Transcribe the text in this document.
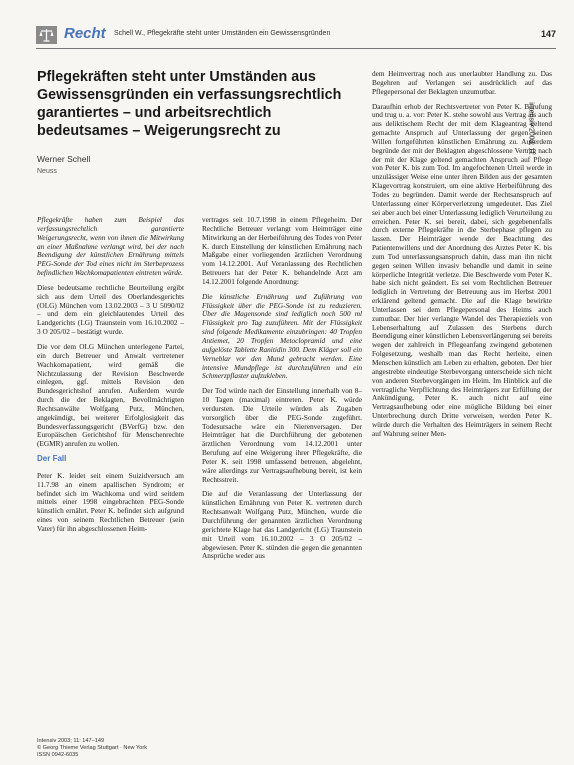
Recht Schell W., Pflegekräfte steht unter Umständen ein Gewissensgründen	147
intensiv 2003; 11
Pflegekräften steht unter Umständen aus Gewissensgründen ein verfassungsrechtlich garantiertes – und arbeitsrechtlich bedeutsames – Weigerungsrecht zu
Werner Schell
Neuss

Pflegekräfte haben zum Beispiel das verfassungsrechtlich garantierte Weigerungsrecht, wenn von ihnen die Mitwirkung an einer Maßnahme verlangt wird, bei der nach Beendigung der künstlichen Ernährung mittels PEG-Sonde der Tod eines nicht im Sterbeprozess befindlichen Wachkomapatienten eintreten würde.

Diese bedeutsame rechtliche Beurteilung ergibt sich aus dem Urteil des Oberlandesgerichts (OLG) München vom 13.02.2003 – 3 U 5090/02 – und dem ein gleichlautendes Urteil des Landgerichts (LG) Traunstein vom 16.10.2002 – 3 O 205/02 – bestätigt wurde.

Die vor dem OLG München unterlegene Partei, ein durch Betreuer und Anwalt vertretener Wachkomapatient, wird gemäß die Nichtzulassung der Revision Beschwerde einlegen, ggf. mittels Revision den Bundesgerichtshof anrufen. Außerdem wurde durch die der Beklagten, Bevollmächtigten Rechtsanwälte Wolfgang Putz, München, angekündigt, bei weiterer Erfolglosigkeit das Bundesverfassungsgericht (BVerfG) bzw. den Europäischen Gerichtshof für Menschenrechte (EGMR) anrufen zu wollen.

Der Fall

Peter K. leidet seit einem Suizidversuch am 11.7.98 an einem apallischen Syndrom; er befindet sich im Wachkoma und wird seitdem mittels einer 1998 eingebrachten PEG-Sonde künstlich ernährt. Peter K. befindet sich aufgrund eines von seinem Rechtlichen Betreuer (sein Vater) für ihn abgeschlossenen Heim-

vertrages seit 10.7.1998 in einem Pflegeheim. Der Rechtliche Betreuer verlangt vom Heimträger eine Mitwirkung an der Herbeiführung des Todes von Peter K. durch Einstellung der künstlichen Ernährung nach Maßgabe einer vorliegenden ärztlichen Verordnung vom 14.12.2001. Auf Veranlassung des Rechtlichen Betreuers hat der Peter K. behandelnde Arzt am 14.12.2001 folgende Anordnung:

Die künstliche Ernährung und Zuführung von Flüssigkeit über die PEG-Sonde ist zu reduzieren. Über die Magensonde sind lediglich noch 500 ml Flüssigkeit pro Tag zuzuführen. Mit der Flüssigkeit sind folgende Medikamente einzubringen: 40 Tropfen Antiemet, 20 Tropfen Metoclopramid und eine aufgelöste Tablette Ranitidin 300. Dem Kläger soll ein Verneblar vor den Mund gebracht werden. Eine intensive Mundpflege ist durchzuführen und ein Schmerzpflaster aufzukleben.

Der Tod würde nach der Einstellung innerhalb von 8–10 Tagen (maximal) eintreten. Peter K. würde verdursten. Die Urteile würden als Zugaben vorsorglich über die PEG-Sonde zugeführt. Todesursache wäre ein Nierenversagen. Der Heimträger hat die Durchführung der gebotenen ärztlichen Verordnung vom 14.12.2001 unter Berufung auf eine Weigerung ihrer Pflegekräfte, die Peter K. seit 1998 umfassend betreuen, abgelehnt, wäre allerdings zur Vertragsaufhebung bereit, ist kein Rechtsstreit.

Die auf die Veranlassung der Unterlassung der künstlichen Ernährung von Peter K. vertreten durch Rechtsanwalt Wolfgang Putz, München, wurde die Durchführung der genannten ärztlichen Verordnung gerichtete Klage hat das Landgericht (LG) Traunstein mit Urteil vom 16.10.2002 – 3 O 205/02 – abgewiesen. Peter K. stünden die gegen die genannten Ansprüche weder aus

dem Heimvertrag noch aus unerlaubter Handlung zu. Das Begehren auf Verlangen sei ausdrücklich auf das Pflegepersonal der Beklagten unzumutbar.

Daraufhin erhob der Rechtsvertreter von Peter K. Berufung und trug u. a. vor: Peter K. stehe sowohl aus Vertrag als auch aus deliktischem Recht der mit dem Klageantrag geltend gemachte Anspruch auf Unterlassung der gegen seinen Willen fortgeführten künstlichen Ernährung zu. Außerdem begründe der mit der Beklagten abgeschlossene Vertrag nach der mit der Klage geltend gemachten Anspruch auf Pflege von Peter K. bis zum Tod. Im angefochtenen Urteil werde in unzulässiger Weise eine unter ihren Bilden aus der gesamten Klagevortrag konstruiert, um eine aktive Herbeiführung des Todes zu begründen. Damit werde der Rechtsanspruch auf Unterlassung einer Körperverletzung umgedeutet. Das Ziel sei aber auch bei einer Unterlassung lediglich Verurteilung zu erreichen. Peter K. sei bereit, dabei, sich gegebenenfalls durch externe Pflegekräfte in die Sterbephase pflegen zu lassen. Der Heimträger wende der Beachtung des Patientenwillens und der Anordnung des Arztes Peter K. bis zum Tod unterlassungsanspruch dahin, dass man ihn nicht gegen seinen Willen invasiv behandle und damit in seine körperliche Integrität verletze. Die Beschwerde vom Peter K. habe sich nicht geändert. Es sei vom Rechtlichen Betreuer lediglich in Vertretung der Betreuung aus im Herbst 2001 erklärend geltend gemacht. Die auf die Klage bewirkte Unterlassen sei dem Pflegepersonal des Heims auch zumutbar. Der hier verlangte Wandel des Therapieziels von Lebenserhaltung auf Zulassen des Sterbens durch Beendigung einer künstlichen Lebensverlängerung sei bereits wegen der zahlreich in Pflegeanfang zwingend gebotenen Folgesetzung, weshalb man das Recht herleite, einen Menschen künstlich am Leben zu erhalten, geboten. Der hier angestrebte eindeutige Sterbevorgang unterscheide sich nicht von anderen Sterbevorgängen im Heim. Im Hinblick auf die vertragliche Verpflichtung des Heimträgers zur Erfüllung der Ankündigung, Peter K. auch nicht auf eine Vertragsaufhebung oder eine mögliche Bildung bei einer Unterbrechung durch Dritte verweisen, werden Peter K. würde durch die Verhalten des Heimträgers in seinem Recht auf Wahrung seiner Men-

Intensiv 2003; 11: 147–149
© Georg Thieme Verlag Stuttgart · New York
ISSN 0942-6035
